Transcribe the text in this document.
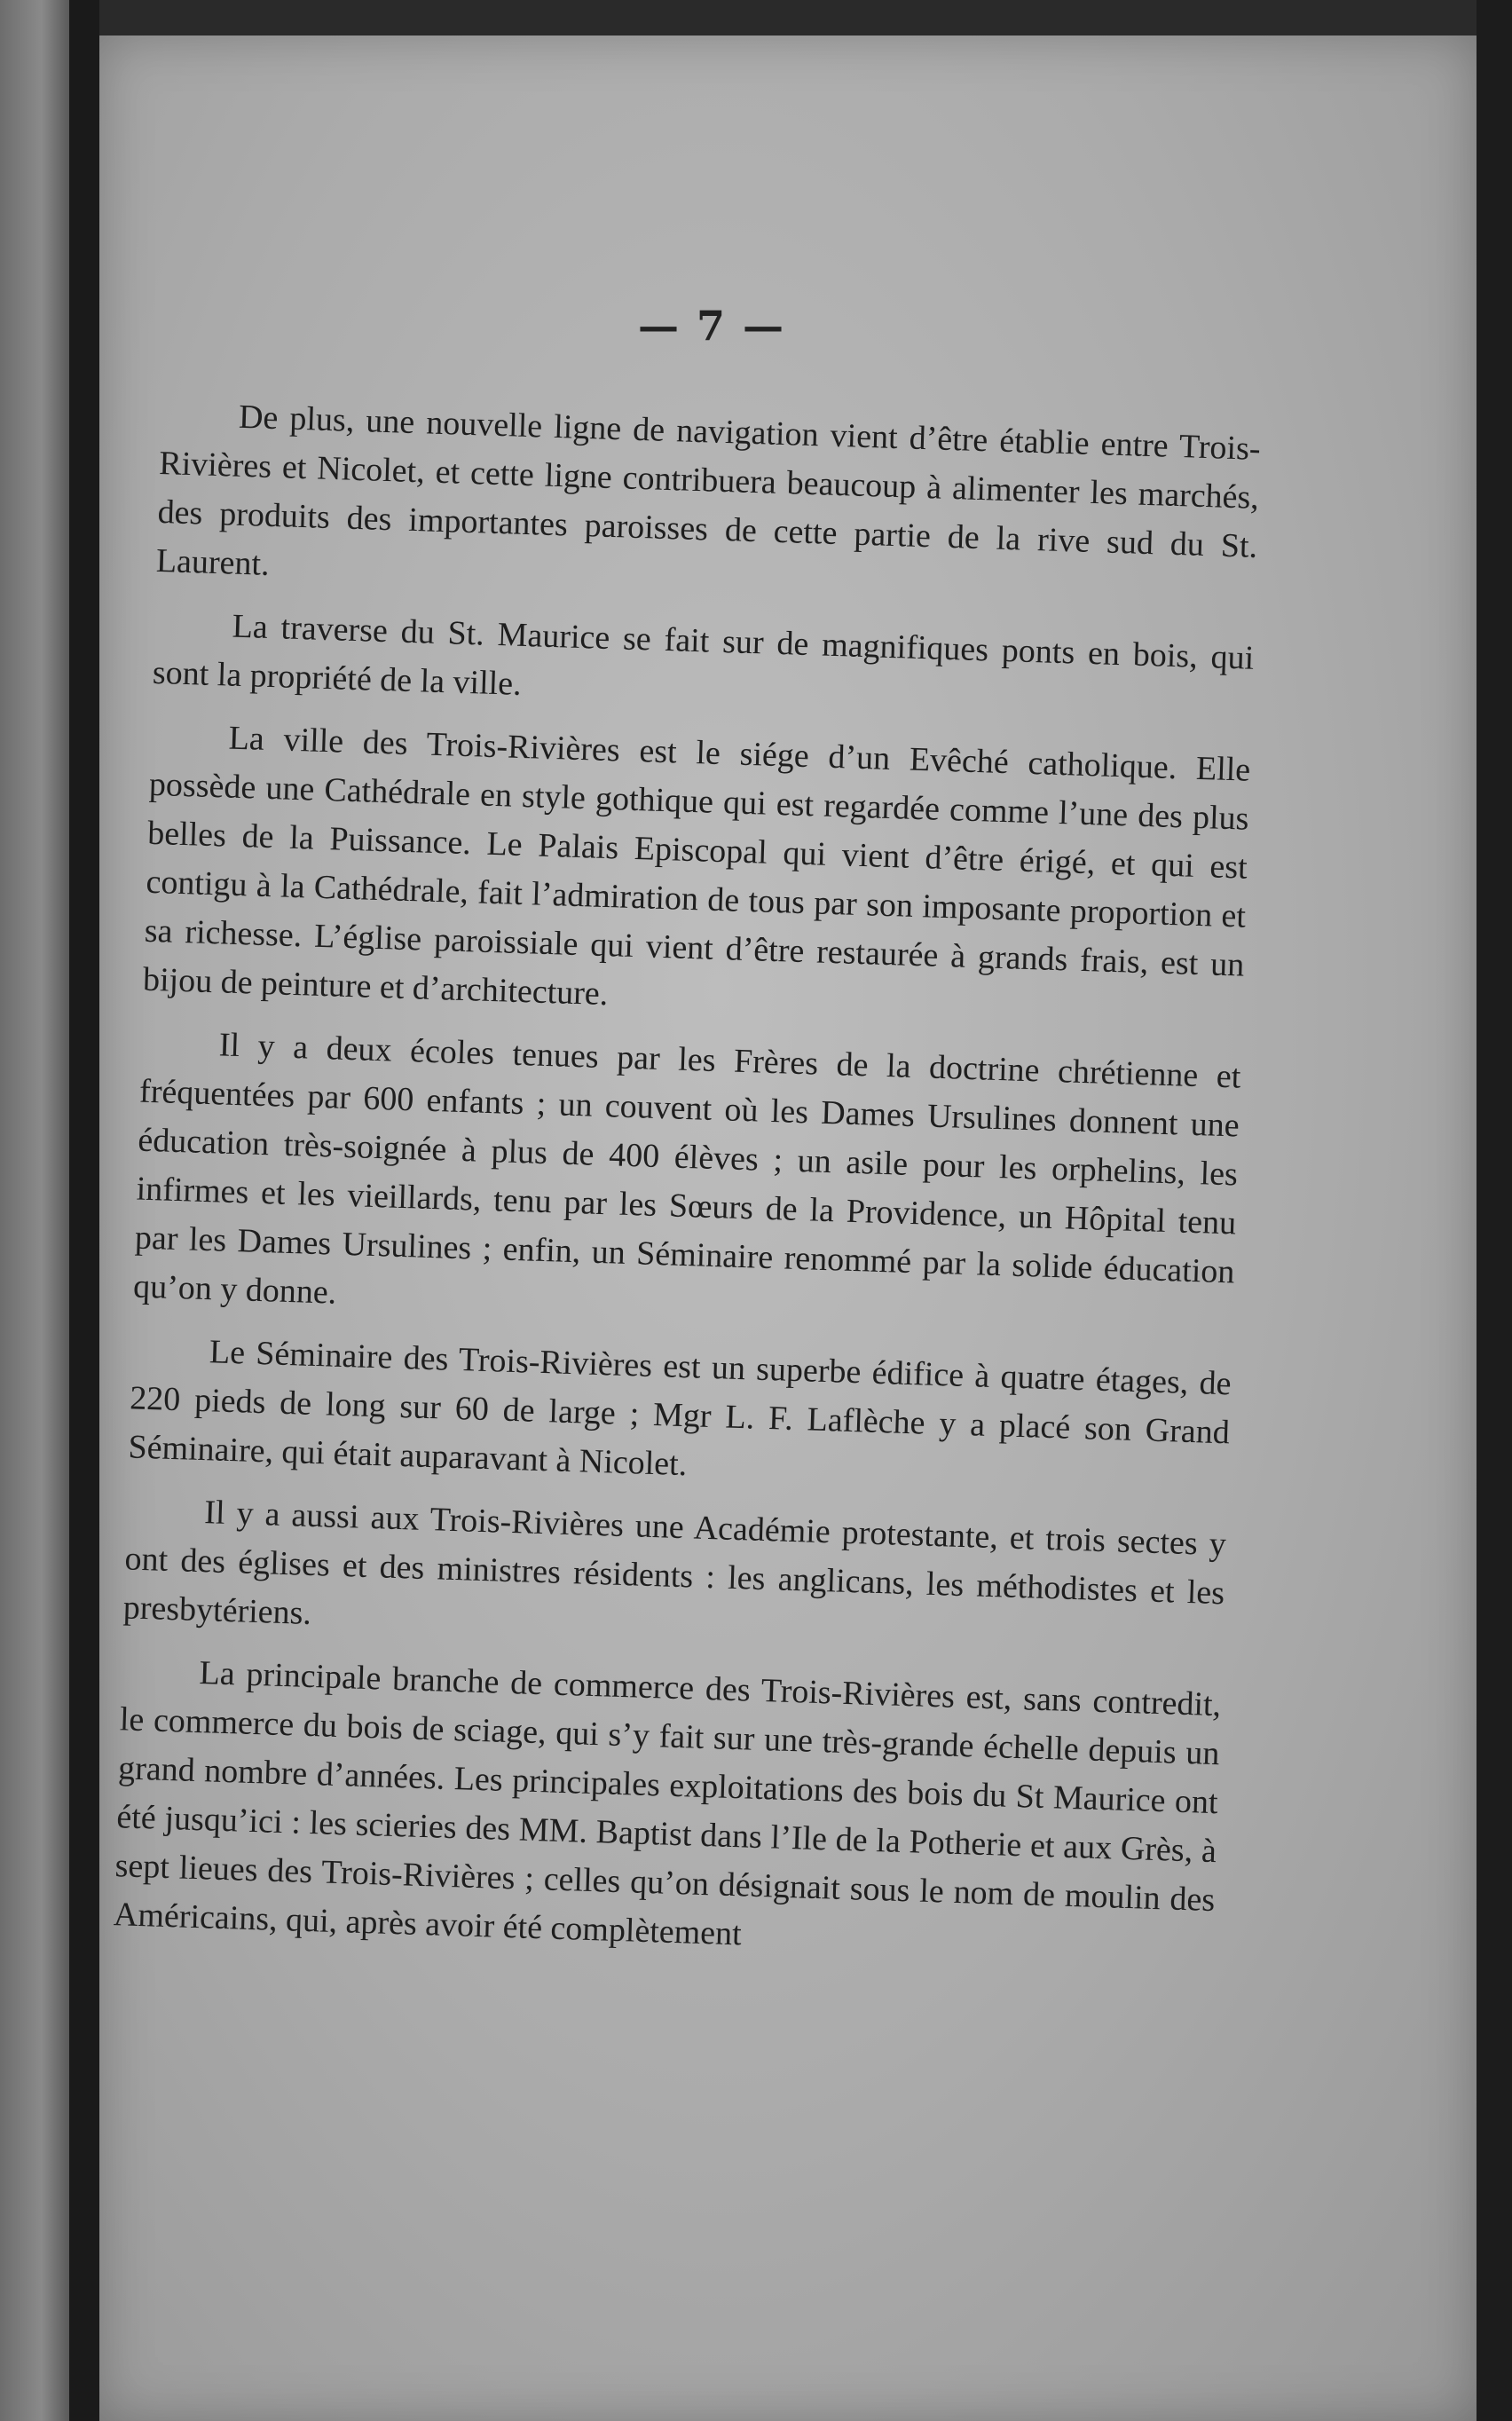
— 7 —

De plus, une nouvelle ligne de navigation vient d’être établie entre Trois-Rivières et Nicolet, et cette ligne contribuera beaucoup à alimenter les marchés, des produits des importantes paroisses de cette partie de la rive sud du St. Laurent.

La traverse du St. Maurice se fait sur de magnifiques ponts en bois, qui sont la propriété de la ville.

La ville des Trois-Rivières est le siége d’un Evêché catholique. Elle possède une Cathédrale en style gothique qui est regardée comme l’une des plus belles de la Puissance. Le Palais Episcopal qui vient d’être érigé, et qui est contigu à la Cathédrale, fait l’admiration de tous par son imposante proportion et sa richesse. L’église paroissiale qui vient d’être restaurée à grands frais, est un bijou de peinture et d’architecture.

Il y a deux écoles tenues par les Frères de la doctrine chrétienne et fréquentées par 600 enfants ; un couvent où les Dames Ursulines donnent une éducation très-soignée à plus de 400 élèves ; un asile pour les orphelins, les infirmes et les vieillards, tenu par les Sœurs de la Providence, un Hôpital tenu par les Dames Ursulines ; enfin, un Séminaire renommé par la solide éducation qu’on y donne.

Le Séminaire des Trois-Rivières est un superbe édifice à quatre étages, de 220 pieds de long sur 60 de large ; Mgr L. F. Laflèche y a placé son Grand Séminaire, qui était auparavant à Nicolet.

Il y a aussi aux Trois-Rivières une Académie protestante, et trois sectes y ont des églises et des ministres résidents : les anglicans, les méthodistes et les presbytériens.

La principale branche de commerce des Trois-Rivières est, sans contredit, le commerce du bois de sciage, qui s’y fait sur une très-grande échelle depuis un grand nombre d’années. Les principales exploitations des bois du St Maurice ont été jusqu’ici : les scieries des MM. Baptist dans l’Ile de la Potherie et aux Grès, à sept lieues des Trois-Rivières ; celles qu’on désignait sous le nom de moulin des Américains, qui, après avoir été complètement
